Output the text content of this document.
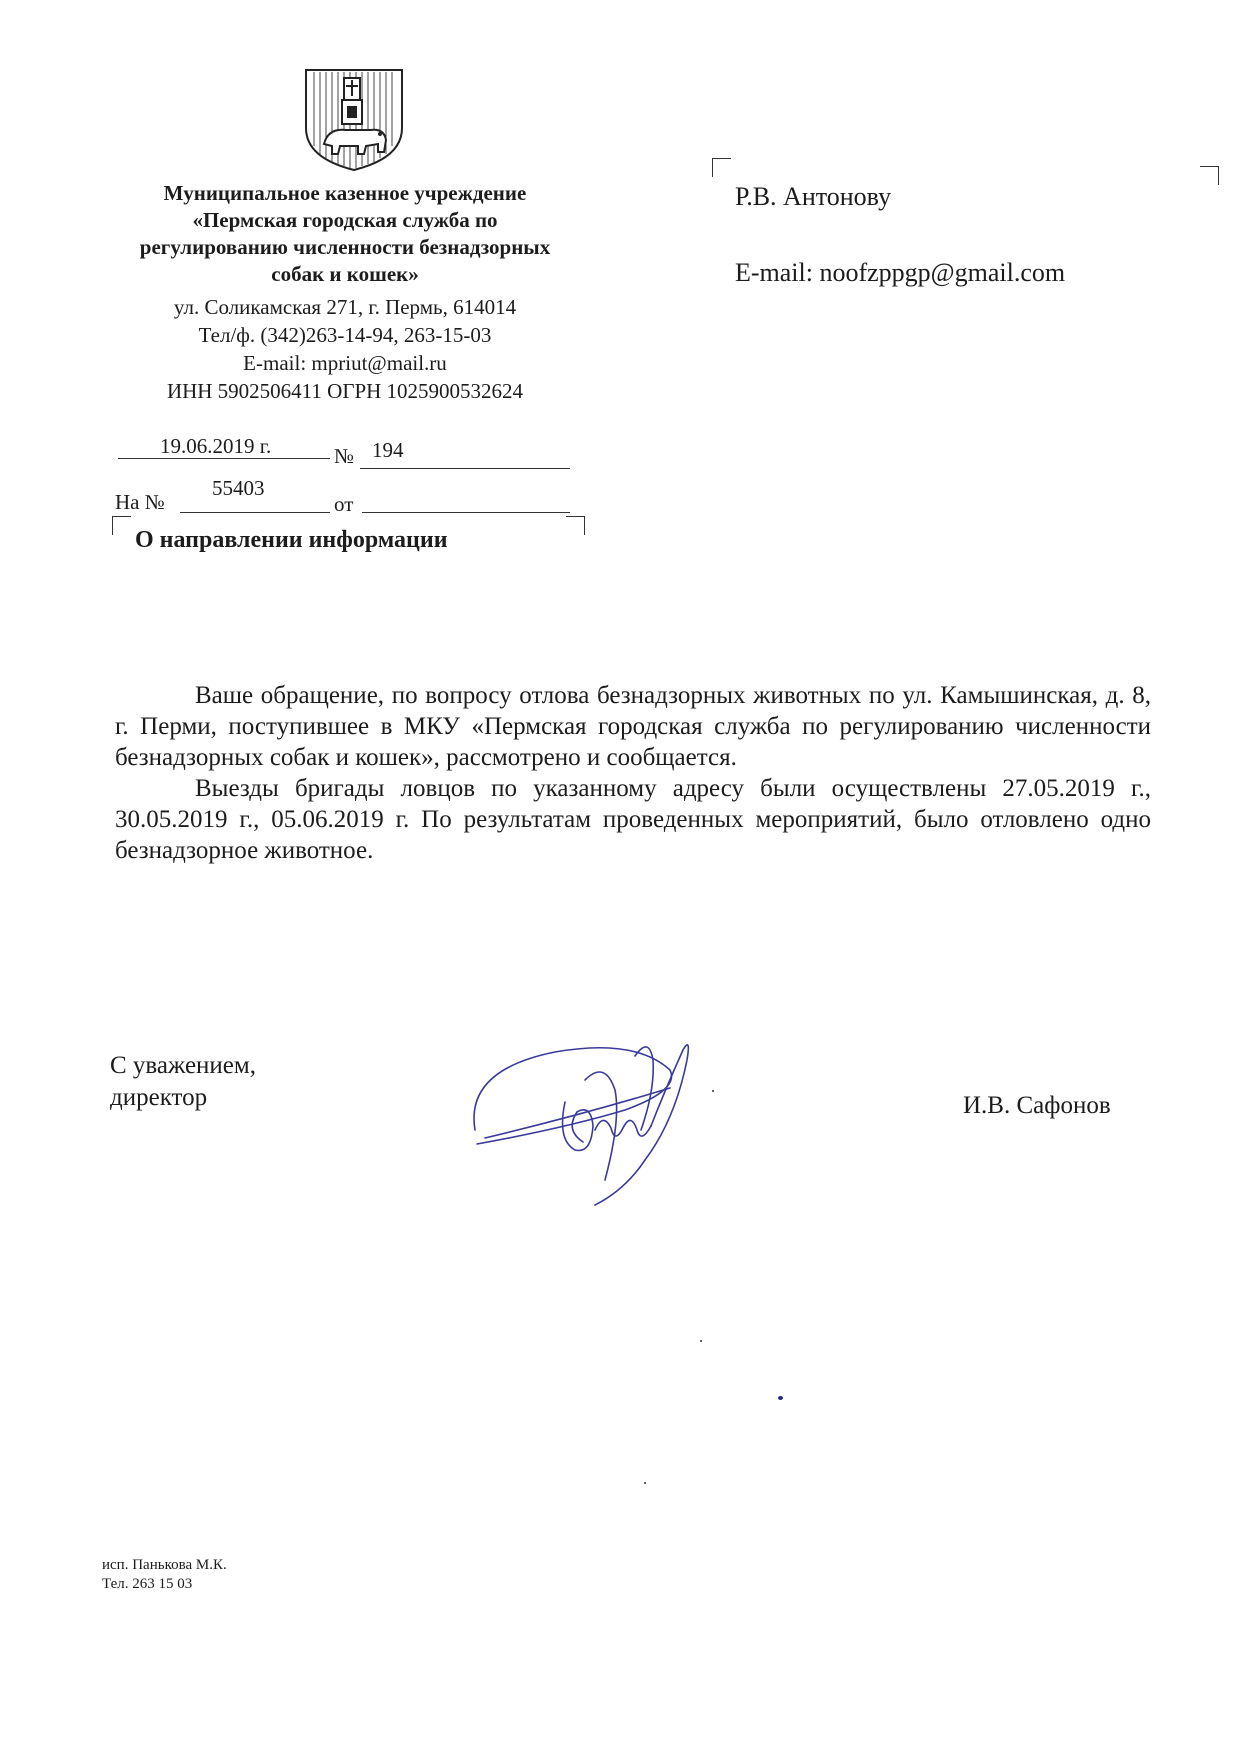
Муниципальное казенное учреждение
«Пермская городская служба по
регулированию численности безнадзорных
собак и кошек»
ул. Соликамская 271, г. Пермь, 614014
Тел/ф. (342)263-14-94, 263-15-03
E-mail: mpriut@mail.ru
ИНН 5902506411 ОГРН 1025900532624
19.06.2019 г.	№ 194
На №
55403
от
О направлении информации
Р.В. Антонову
E-mail: noofzppgp@gmail.com

Ваше обращение, по вопросу отлова безнадзорных животных по ул. Камышинская, д. 8, г. Перми, поступившее в МКУ «Пермская городская служба по регулированию численности безнадзорных собак и кошек», рассмотрено и сообщается.

Выезды бригады ловцов по указанному адресу были осуществлены 27.05.2019 г., 30.05.2019 г., 05.06.2019 г. По результатам проведенных мероприятий, было отловлено одно безнадзорное животное.

С уважением,
директор	И.В. Сафонов
исп. Панькова М.К.
Тел. 263 15 03
